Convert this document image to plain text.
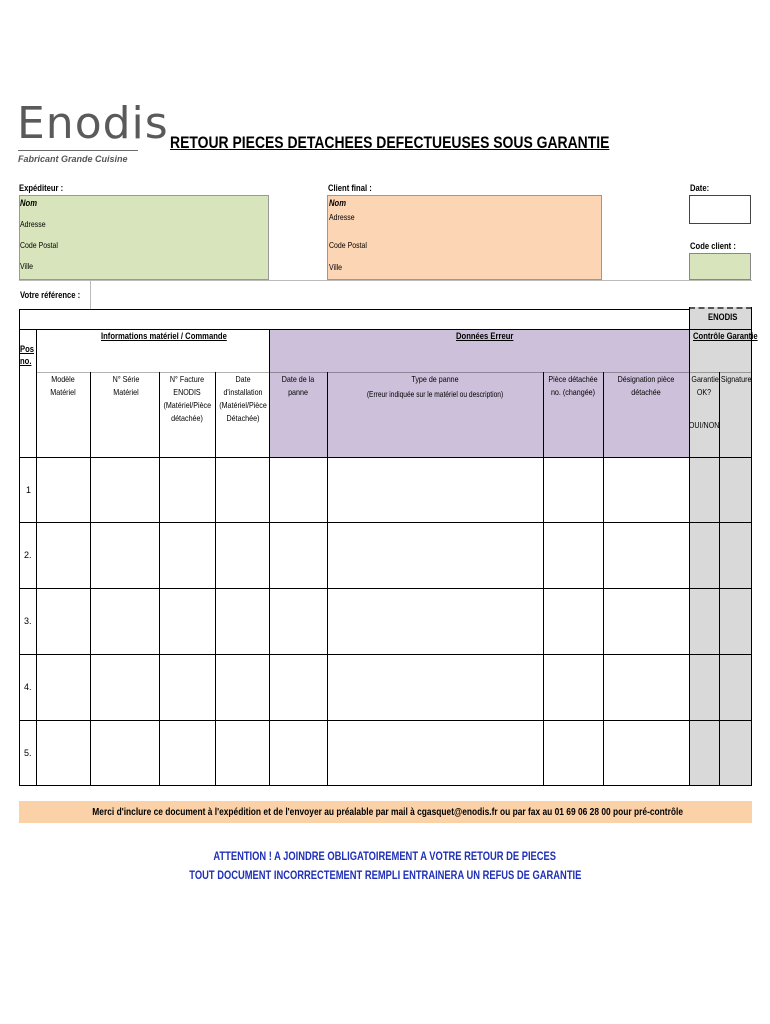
Enodis
Fabricant Grande Cuisine
RETOUR PIECES DETACHEES DEFECTUEUSES SOUS GARANTIE
Expéditeur :
Nom
Adresse
Code Postal
Ville
Client final :
Nom
Adresse
Code Postal
Ville
Date:
Code client :
Votre référence :
ENODIS
Pos no.
Informations matériel / Commande	Données Erreur	Contrôle Garantie
Modèle Matériel
N° Série Matériel
N° Facture ENODIS (Matériel/Pièce détachée)
Date d'installation (Matériel/Pièce Détachée)
Date de la panne
Type de panne
(Erreur indiquée sur le matériel ou description)
Pièce détachée no. (changée)
Désignation pièce détachée
Garantie OK?
OUI/NON
Signature
1
2.
3.
4.
5.
Merci d'inclure ce document à l'expédition et de l'envoyer au préalable par mail à cgasquet@enodis.fr ou par fax au 01 69 06 28 00 pour pré-contrôle
ATTENTION ! A JOINDRE OBLIGATOIREMENT A VOTRE RETOUR DE PIECES
TOUT DOCUMENT INCORRECTEMENT REMPLI ENTRAINERA UN REFUS DE GARANTIE
